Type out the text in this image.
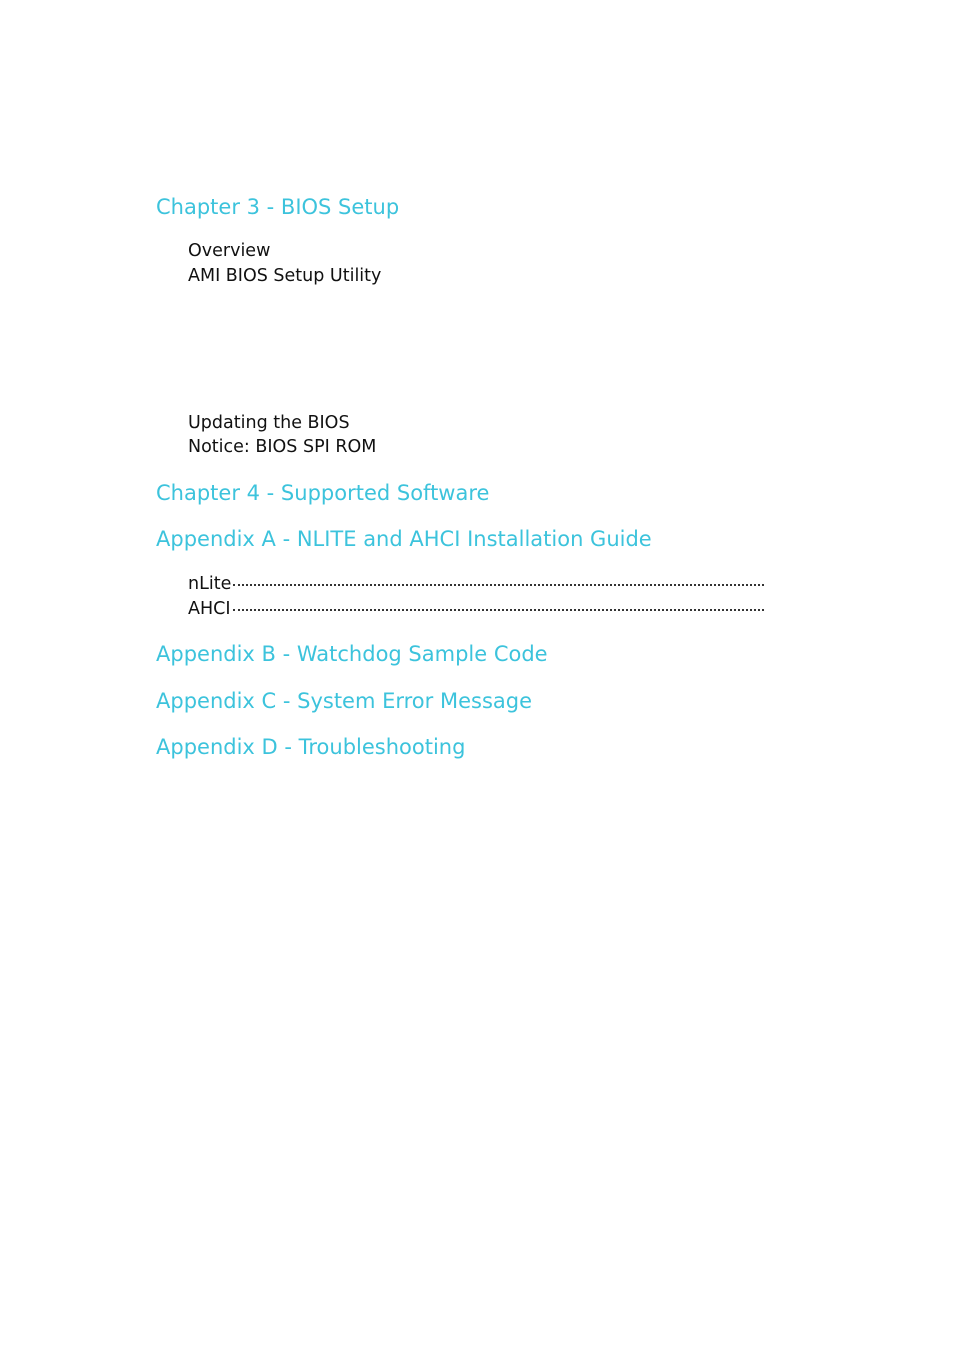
Chapter 3 - BIOS Setup

Overview

AMI BIOS Setup Utility

Updating the BIOS

Notice: BIOS SPI ROM

Chapter 4 - Supported Software
Appendix A - NLITE and AHCI Installation Guide
nLite
AHCI
Appendix B - Watchdog Sample Code
Appendix C - System Error Message
Appendix D - Troubleshooting
